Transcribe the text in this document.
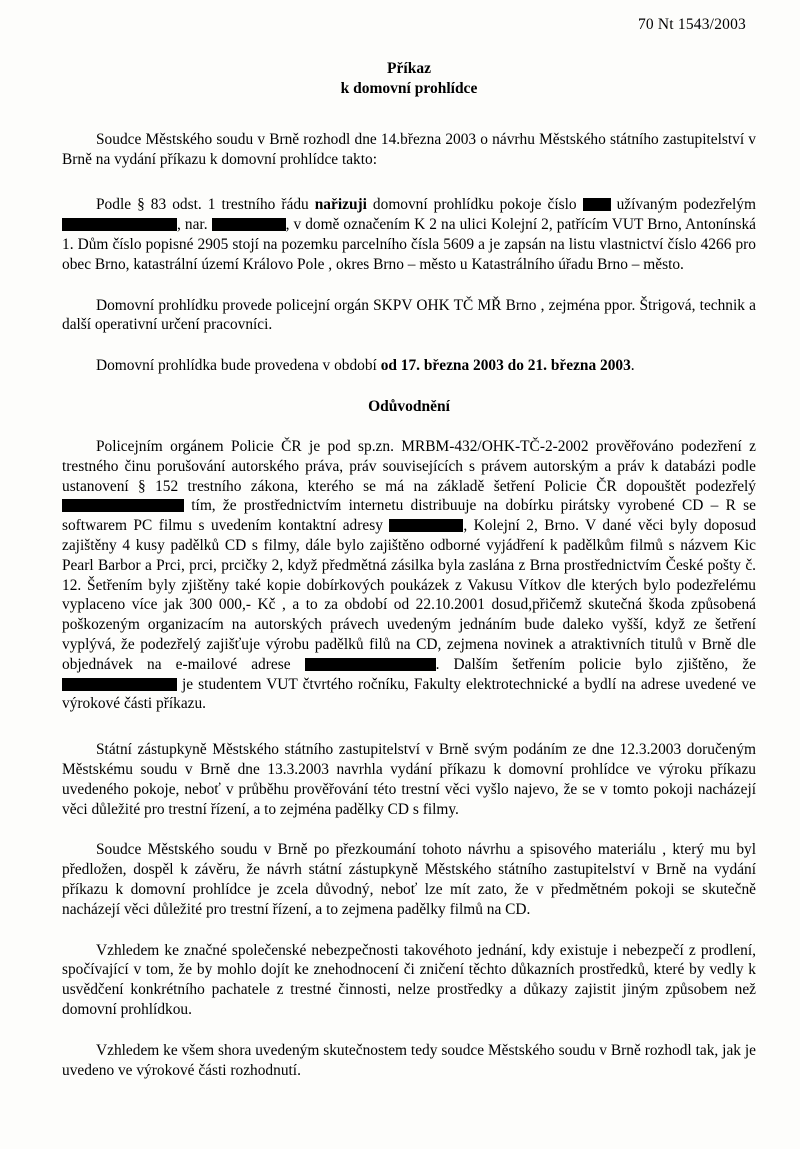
70 Nt 1543/2003
Příkaz
k domovní prohlídce

Soudce Městského soudu v Brně rozhodl dne 14.března 2003 o návrhu Městského státního zastupitelství v Brně na vydání příkazu k domovní prohlídce takto:

Podle § 83 odst. 1 trestního řádu nařizuji domovní prohlídku pokoje číslo  užívaným podezřelým , nar.	, v domě označením K 2 na ulici Kolejní 2, patřícím VUT Brno, Antonínská 1. Dům číslo popisné 2905 stojí na pozemku parcelního čísla 5609 a je zapsán na listu vlastnictví číslo 4266 pro obec Brno, katastrální území Královo Pole , okres Brno – město u Katastrálního úřadu Brno – město.

Domovní prohlídku provede policejní orgán SKPV OHK TČ MŘ Brno , zejména ppor. Štrigová, technik a další operativní určení pracovníci.

Domovní prohlídka bude provedena v období od 17. března 2003 do 21. března 2003.

Odůvodnění

Policejním orgánem Policie ČR je pod sp.zn. MRBM-432/OHK-TČ-2-2002 prověřováno podezření z trestného činu porušování autorského práva, práv souvisejících s právem autorským a práv k databázi podle ustanovení § 152 trestního zákona, kterého se má na základě šetření Policie ČR dopouštět podezřelý  tím, že prostřednictvím internetu distribuuje na dobírku pirátsky vyrobené CD – R se softwarem PC filmu s uvedením kontaktní adresy	, Kolejní 2, Brno. V dané věci byly doposud zajištěny 4 kusy padělků CD s filmy, dále bylo zajištěno odborné vyjádření k padělkům filmů s názvem Kic Pearl Barbor a Prci, prci, prcičky 2, když předmětná zásilka byla zaslána z Brna prostřednictvím České pošty č. 12. Šetřením byly zjištěny také kopie dobírkových poukázek z Vakusu Vítkov dle kterých bylo podezřelému vyplaceno více jak 300 000,- Kč , a to za období od 22.10.2001 dosud,přičemž skutečná škoda způsobená poškozeným organizacím na autorských právech uvedeným jednáním bude daleko vyšší, když ze šetření vyplývá, že podezřelý zajišťuje výrobu padělků filů na CD, zejmena novinek a atraktivních titulů v Brně dle objednávek na e-mailové adrese	. Dalším šetřením policie bylo zjištěno, že  je studentem VUT čtvrtého ročníku, Fakulty elektrotechnické a bydlí na adrese uvedené ve výrokové části příkazu.

Státní zástupkyně Městského státního zastupitelství v Brně svým podáním ze dne 12.3.2003 doručeným Městskému soudu v Brně dne 13.3.2003 navrhla vydání příkazu k domovní prohlídce ve výroku příkazu uvedeného pokoje, neboť v průběhu prověřování této trestní věci vyšlo najevo, že se v tomto pokoji nacházejí věci důležité pro trestní řízení, a to zejména padělky CD s filmy.

Soudce Městského soudu v Brně po přezkoumání tohoto návrhu a spisového materiálu , který mu byl předložen, dospěl k závěru, že návrh státní zástupkyně Městského státního zastupitelství v Brně na vydání příkazu k domovní prohlídce je zcela důvodný, neboť lze mít zato, že v předmětném pokoji se skutečně nacházejí věci důležité pro trestní řízení, a to zejmena padělky filmů na CD.

Vzhledem ke značné společenské nebezpečnosti takovéhoto jednání, kdy existuje i nebezpečí z prodlení, spočívající v tom, že by mohlo dojít ke znehodnocení či zničení těchto důkazních prostředků, které by vedly k usvědčení konkrétního pachatele z trestné činnosti, nelze prostředky a důkazy zajistit jiným způsobem než domovní prohlídkou.

Vzhledem ke všem shora uvedeným skutečnostem tedy soudce Městského soudu v Brně rozhodl tak, jak je uvedeno ve výrokové části rozhodnutí.
